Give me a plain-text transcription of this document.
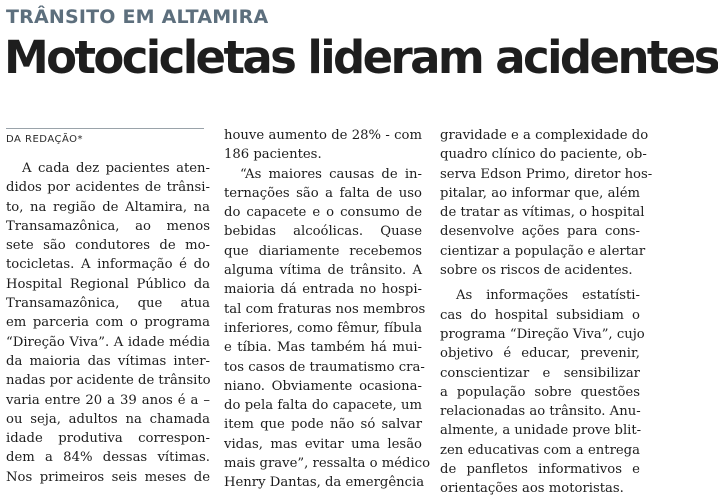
TRÂNSITO EM ALTAMIRA
Motocicletas lideram acidentes
DA REDAÇÃO*
A cada dez pacientes aten-
didos por acidentes de trânsi-
to, na região de Altamira, na
Transamazônica, ao menos
sete são condutores de mo-
tocicletas. A informação é do
Hospital Regional Público da
Transamazônica, que atua
em parceria com o programa
“Direção Viva”. A idade média
da maioria das vítimas inter-
nadas por acidente de trânsito
varia entre 20 a 39 anos é a –
ou seja, adultos na chamada
idade produtiva correspon-
dem a 84% dessas vítimas.
Nos primeiros seis meses de
houve aumento de 28% - com
186 pacientes.
“As maiores causas de in-
ternações são a falta de uso
do capacete e o consumo de
bebidas alcoólicas. Quase
que diariamente recebemos
alguma vítima de trânsito. A
maioria dá entrada no hospi-
tal com fraturas nos membros
inferiores, como fêmur, fíbula
e tíbia. Mas também há mui-
tos casos de traumatismo cra-
niano. Obviamente ocasiona-
do pela falta do capacete, um
item que pode não só salvar
vidas, mas evitar uma lesão
mais grave”, ressalta o médico
Henry Dantas, da emergência
gravidade e a complexidade do
quadro clínico do paciente, ob-
serva Edson Primo, diretor hos-
pitalar, ao informar que, além
de tratar as vítimas, o hospital
desenvolve ações para cons-
cientizar a população e alertar
sobre os riscos de acidentes.
As informações estatísti-
cas do hospital subsidiam o
programa “Direção Viva”, cujo
objetivo é educar, prevenir,
conscientizar e sensibilizar
a população sobre questões
relacionadas ao trânsito. Anu-
almente, a unidade prove blit-
zen educativas com a entrega
de panfletos informativos e
orientações aos motoristas.
